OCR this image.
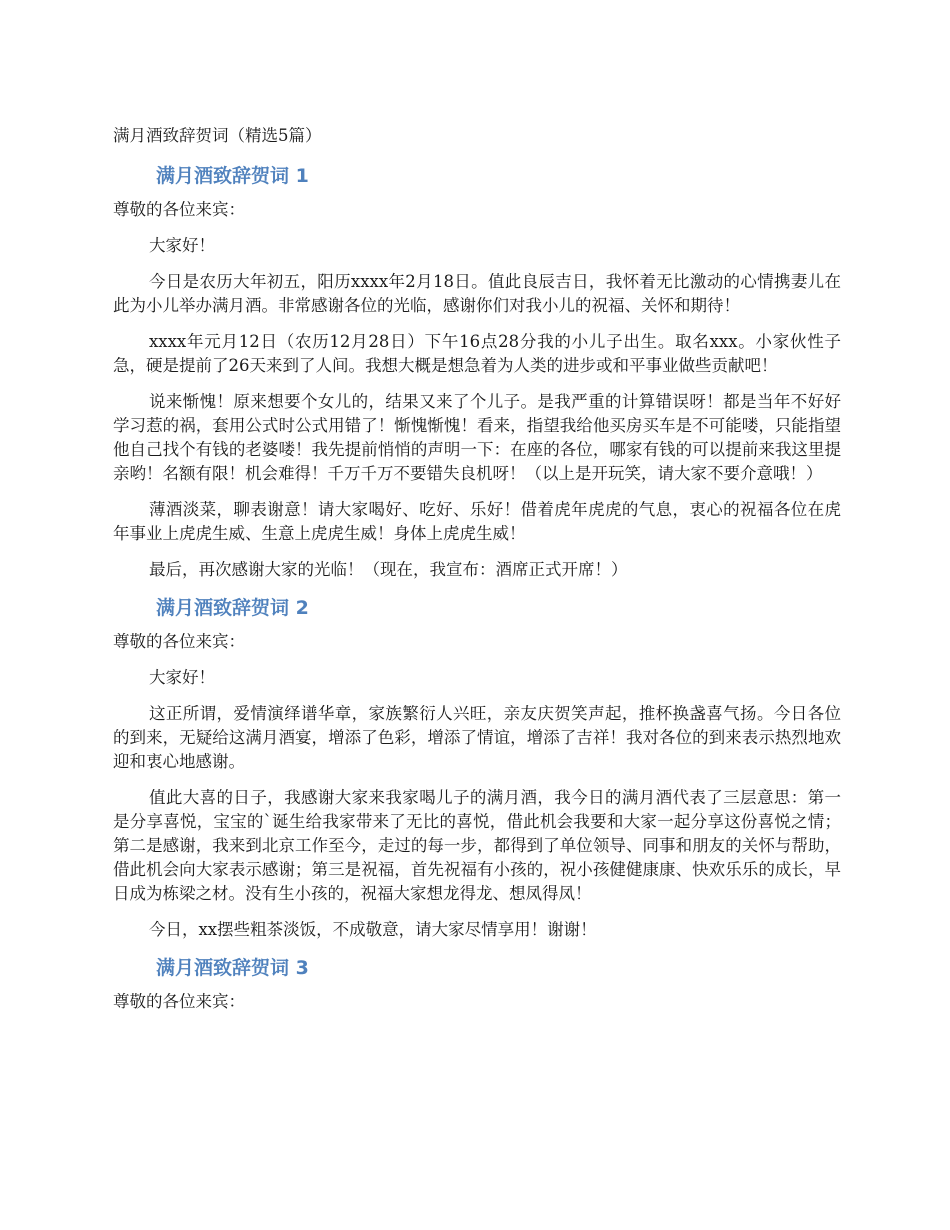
满月酒致辞贺词（精选5篇）
满月酒致辞贺词 1
尊敬的各位来宾：
大家好！
今日是农历大年初五，阳历xxxx年2月18日。值此良辰吉日，我怀着无比激动的心情携妻儿在此为小儿举办满月酒。非常感谢各位的光临，感谢你们对我小儿的祝福、关怀和期待！
xxxx年元月12日（农历12月28日）下午16点28分我的小儿子出生。取名xxx。小家伙性子急，硬是提前了26天来到了人间。我想大概是想急着为人类的进步或和平事业做些贡献吧！
说来惭愧！原来想要个女儿的，结果又来了个儿子。是我严重的计算错误呀！都是当年不好好学习惹的祸，套用公式时公式用错了！惭愧惭愧！看来，指望我给他买房买车是不可能喽，只能指望他自己找个有钱的老婆喽！我先提前悄悄的声明一下：在座的各位，哪家有钱的可以提前来我这里提亲哟！名额有限！机会难得！千万千万不要错失良机呀！（以上是开玩笑，请大家不要介意哦！）
薄酒淡菜，聊表谢意！请大家喝好、吃好、乐好！借着虎年虎虎的气息，衷心的祝福各位在虎年事业上虎虎生威、生意上虎虎生威！身体上虎虎生威！
最后，再次感谢大家的光临！（现在，我宣布：酒席正式开席！）
满月酒致辞贺词 2
尊敬的各位来宾：
大家好！
这正所谓，爱情演绎谱华章，家族繁衍人兴旺，亲友庆贺笑声起，推杯换盏喜气扬。今日各位的到来，无疑给这满月酒宴，增添了色彩，增添了情谊，增添了吉祥！我对各位的到来表示热烈地欢迎和衷心地感谢。
值此大喜的日子，我感谢大家来我家喝儿子的满月酒，我今日的满月酒代表了三层意思：第一是分享喜悦，宝宝的`诞生给我家带来了无比的喜悦，借此机会我要和大家一起分享这份喜悦之情；第二是感谢，我来到北京工作至今，走过的每一步，都得到了单位领导、同事和朋友的关怀与帮助，借此机会向大家表示感谢；第三是祝福，首先祝福有小孩的，祝小孩健健康康、快欢乐乐的成长，早日成为栋梁之材。没有生小孩的，祝福大家想龙得龙、想凤得凤！
今日，xx摆些粗茶淡饭，不成敬意，请大家尽情享用！谢谢！
满月酒致辞贺词 3
尊敬的各位来宾：
